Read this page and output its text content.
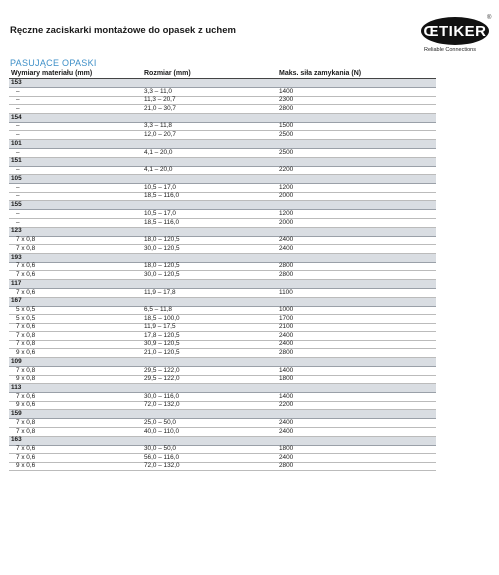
Ręczne zaciskarki montażowe do opasek z uchem	ŒTIKER
®
Reliable Connections
PASUJĄCE OPASKI
Wymiary materiału (mm)	Rozmiar (mm)	Maks. siła zamykania (N)
153		
–	3,3 – 11,0	1400
–	11,3 – 20,7	2300
–	21,0 – 30,7	2800
154		
–	3,3 – 11,8	1500
–	12,0 – 20,7	2500
101		
–	4,1 – 20,0	2500
151		
–	4,1 – 20,0	2200
105		
–	10,5 – 17,0	1200
–	18,5 – 116,0	2000
155		
–	10,5 – 17,0	1200
–	18,5 – 116,0	2000
123		
7 x 0,8	18,0 – 120,5	2400
7 x 0,8	30,0 – 120,5	2400
193		
7 x 0,6	18,0 – 120,5	2800
7 x 0,6	30,0 – 120,5	2800
117		
7 x 0,6	11,9 – 17,8	1100
167		
5 x 0,5	6,5 – 11,8	1000
5 x 0,5	18,5 – 100,0	1700
7 x 0,6	11,9 – 17,5	2100
7 x 0,8	17,8 – 120,5	2400
7 x 0,8	30,9 – 120,5	2400
9 x 0,6	21,0 – 120,5	2800
109		
7 x 0,8	29,5 – 122,0	1400
9 x 0,8	29,5 – 122,0	1800
113		
7 x 0,6	30,0 – 116,0	1400
9 x 0,6	72,0 – 132,0	2200
159		
7 x 0,8	25,0 – 50,0	2400
7 x 0,8	40,0 – 110,0	2400
163		
7 x 0,6	30,0 – 50,0	1800
7 x 0,6	56,0 – 116,0	2400
9 x 0,6	72,0 – 132,0	2800
